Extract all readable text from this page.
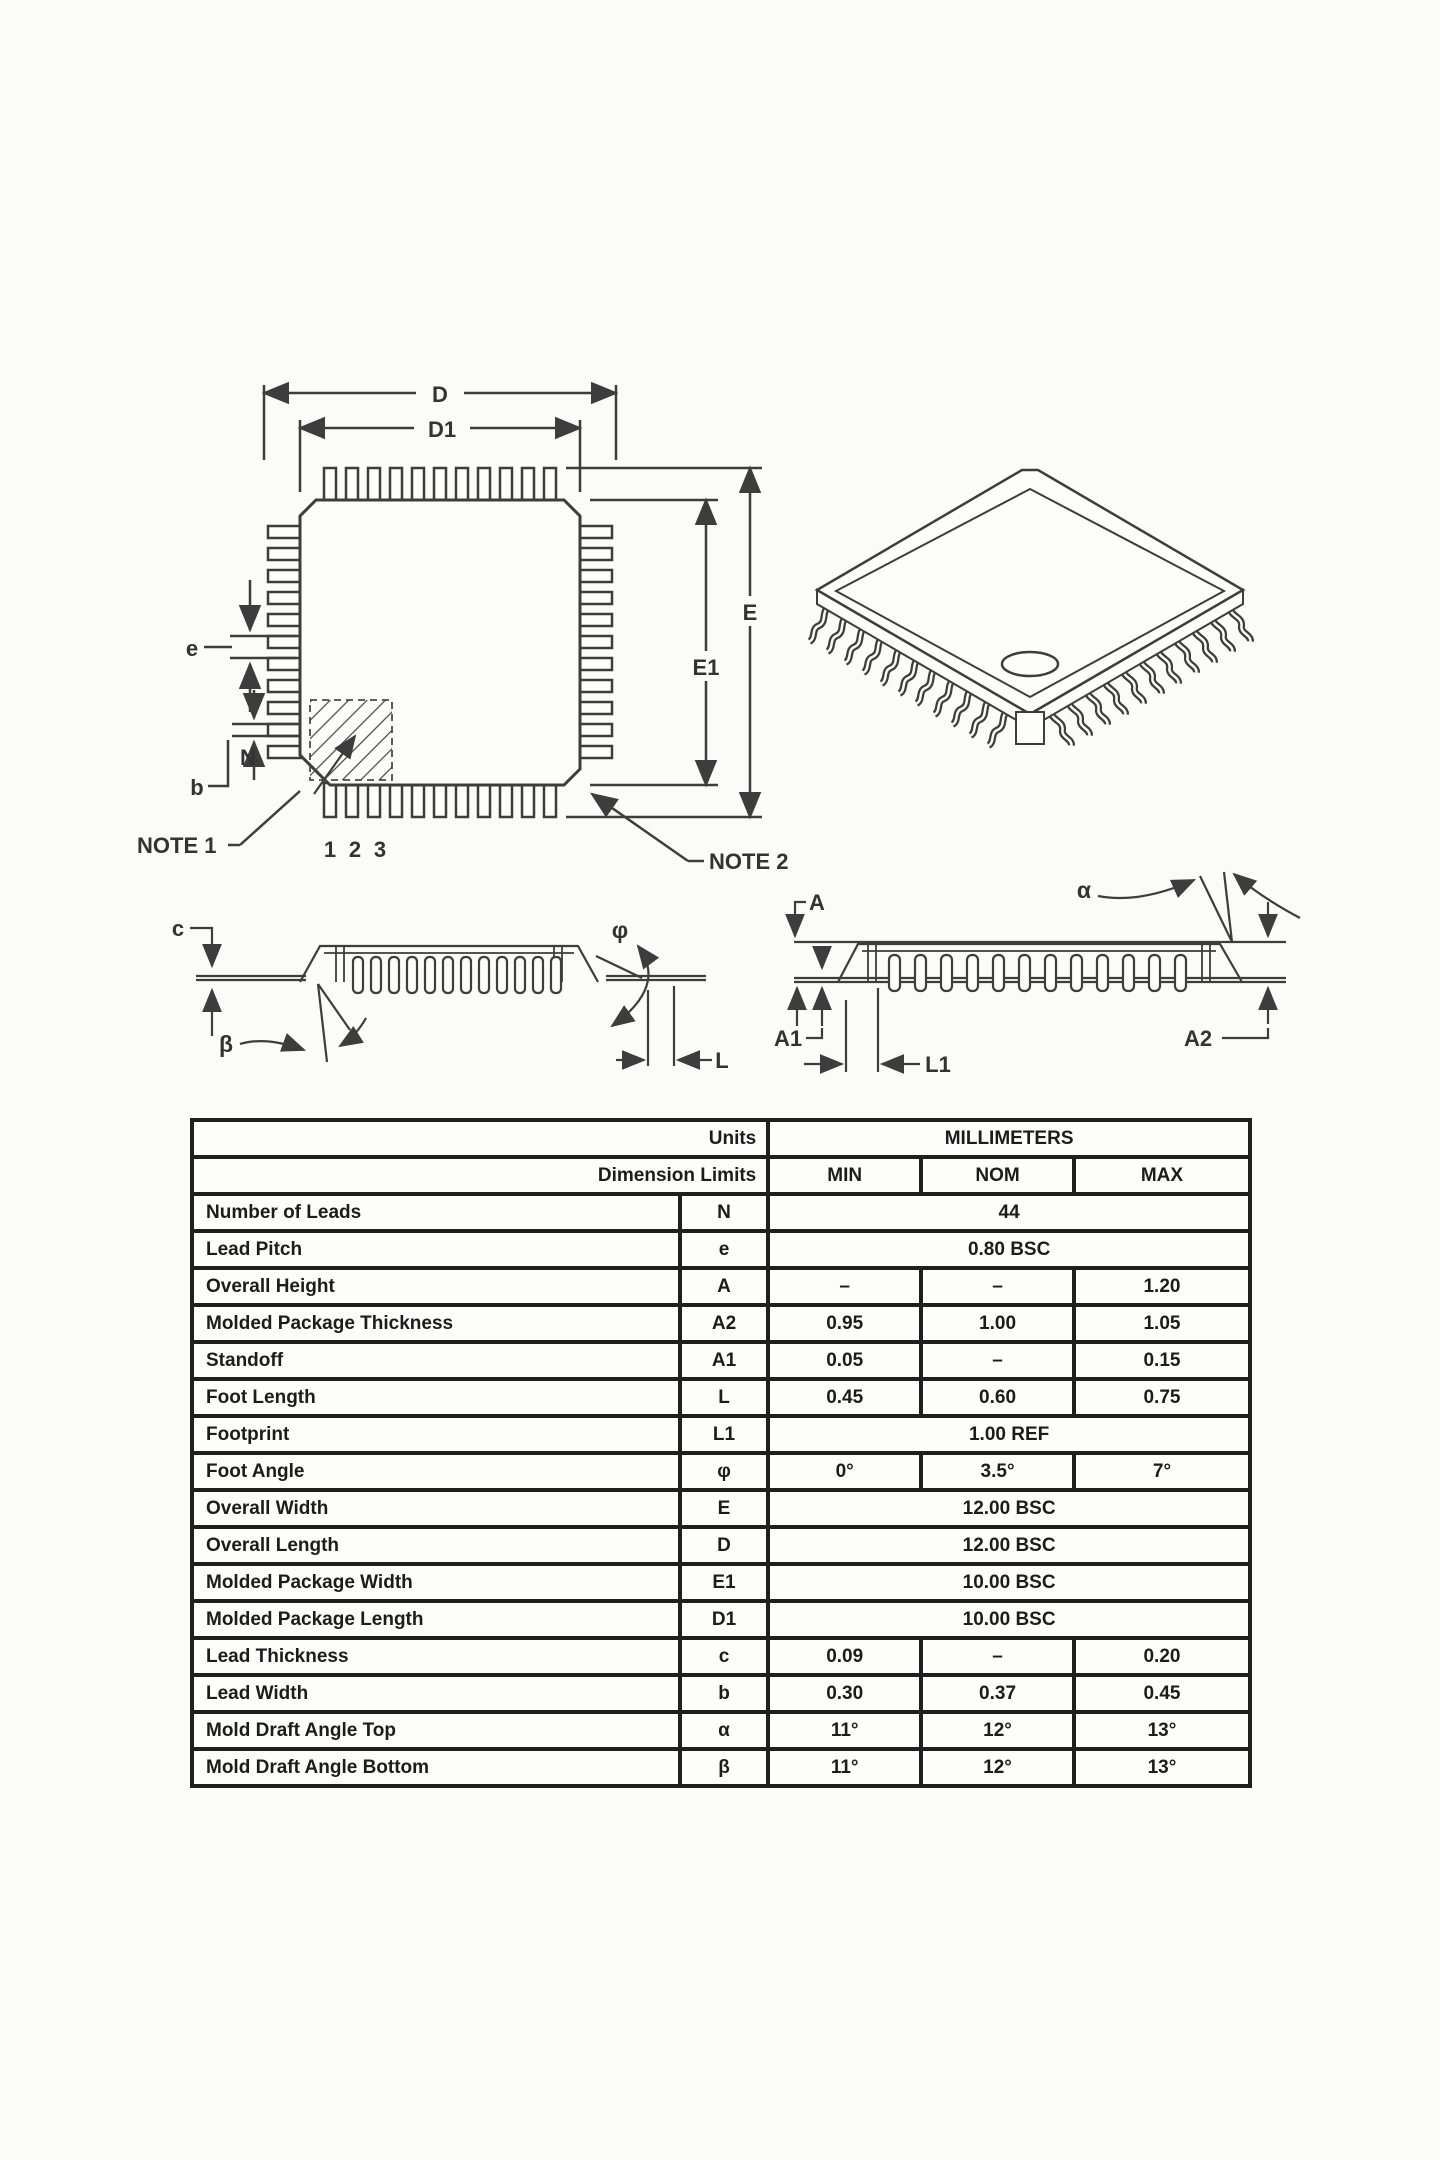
D
D1
E
E1
e
b
N
NOTE 1	1 2 3	NOTE 2
c
β
φ
L
A
A1
L1
A2
α
Units		MILLIMETERS		
Dimension Limits		MIN	NOM	MAX
Number of Leads	N	44		
Lead Pitch	e	0.80 BSC		
Overall Height	A	–	–	1.20
Molded Package Thickness	A2	0.95	1.00	1.05
Standoff	A1	0.05	–	0.15
Foot Length	L	0.45	0.60	0.75
Footprint	L1	1.00 REF		
Foot Angle	φ	0°	3.5°	7°
Overall Width	E	12.00 BSC		
Overall Length	D	12.00 BSC		
Molded Package Width	E1	10.00 BSC		
Molded Package Length	D1	10.00 BSC		
Lead Thickness	c	0.09	–	0.20
Lead Width	b	0.30	0.37	0.45
Mold Draft Angle Top	α	11°	12°	13°
Mold Draft Angle Bottom	β	11°	12°	13°
